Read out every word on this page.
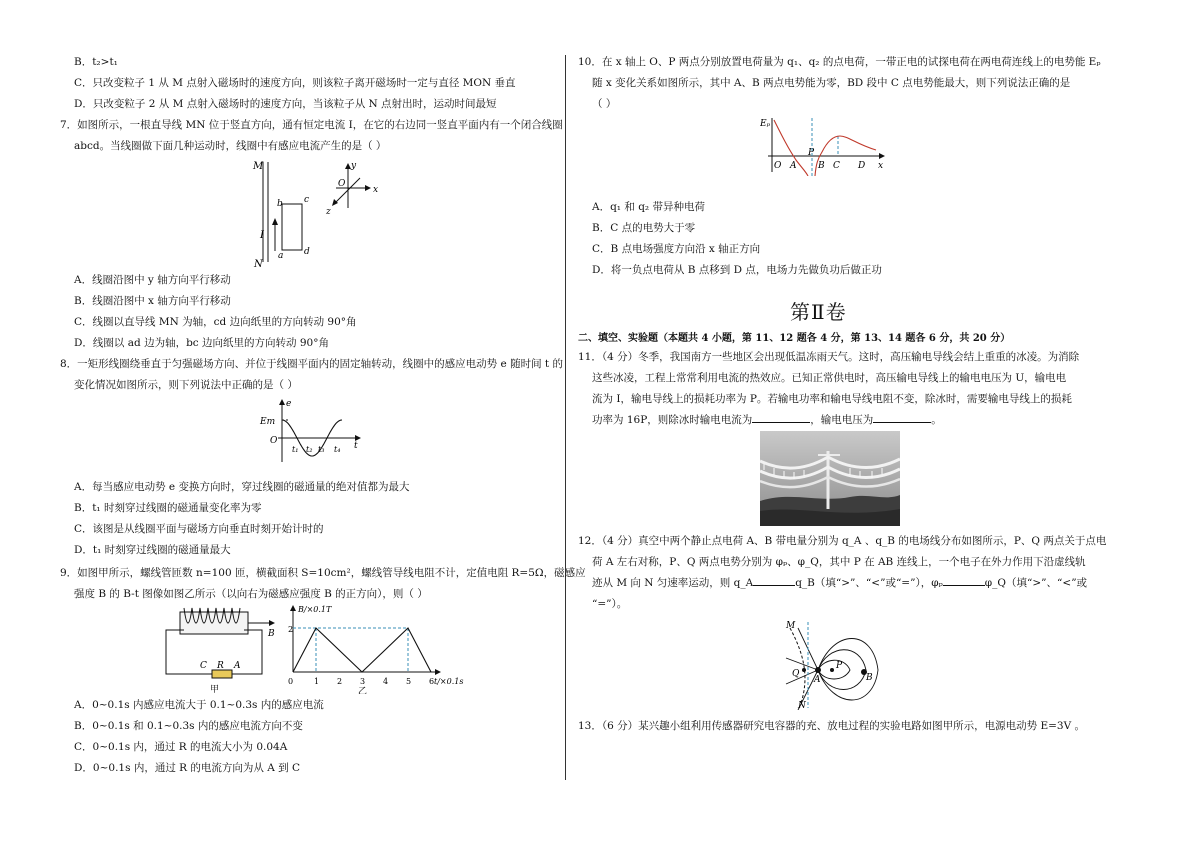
B．t₂>t₁
C．只改变粒子 1 从 M 点射入磁场时的速度方向，则该粒子离开磁场时一定与直径 MON 垂直
D．只改变粒子 2 从 M 点射入磁场时的速度方向，当该粒子从 N 点射出时，运动时间最短
7．如图所示，一根直导线 MN 位于竖直方向，通有恒定电流 I，在它的右边同一竖直平面内有一个闭合线圈
abcd。当线圈做下面几种运动时，线圈中有感应电流产生的是（ ）
M
N
I
b c
a d
x
y
z
O
A．线圈沿图中 y 轴方向平行移动
B．线圈沿图中 x 轴方向平行移动
C．线圈以直导线 MN 为轴，cd 边向纸里的方向转动 90°角
D．线圈以 ad 边为轴，bc 边向纸里的方向转动 90°角
8．一矩形线圈绕垂直于匀强磁场方向、并位于线圈平面内的固定轴转动，线圈中的感应电动势 e 随时间 t 的
变化情况如图所示，则下列说法中正确的是（ ）
e
Em
O	t
t₁ t₂ t₃ t₄
A．每当感应电动势 e 变换方向时，穿过线圈的磁通量的绝对值都为最大
B．t₁ 时刻穿过线圈的磁通量变化率为零
C．该图是从线圈平面与磁场方向垂直时刻开始计时的
D．t₁ 时刻穿过线圈的磁通量最大
9．如图甲所示，螺线管匝数 n=100 匝，横截面积 S=10cm²，螺线管导线电阻不计，定值电阻 R=5Ω，磁感应
强度 B 的 B-t 图像如图乙所示（以向右为磁感应强度 B 的正方向），则（ ）
B
C R A
甲
B/×0.1T
t/×0.1s
2
0	1 2 3 4 5 6
乙
A．0~0.1s 内感应电流大于 0.1~0.3s 内的感应电流
B．0~0.1s 和 0.1~0.3s 内的感应电流方向不变
C．0~0.1s 内，通过 R 的电流大小为 0.04A
D．0~0.1s 内，通过 R 的电流方向为从 A 到 C
10．在 x 轴上 O、P 两点分别放置电荷量为 q₁、q₂ 的点电荷，一带正电的试探电荷在两电荷连线上的电势能 Eₚ
随 x 变化关系如图所示，其中 A、B 两点电势能为零，BD 段中 C 点电势能最大，则下列说法正确的是
（ ）
Eₚ
O A
P
B C D x
A．q₁ 和 q₂ 带异种电荷
B．C 点的电势大于零
C．B 点电场强度方向沿 x 轴正方向
D．将一负点电荷从 B 点移到 D 点，电场力先做负功后做正功
第Ⅱ卷
二、填空、实验题（本题共 4 小题，第 11、12 题各 4 分，第 13、14 题各 6 分，共 20 分）
11．（4 分）冬季，我国南方一些地区会出现低温冻雨天气。这时，高压输电导线会结上重重的冰凌。为消除
这些冰凌，工程上常常利用电流的热效应。已知正常供电时，高压输电导线上的输电电压为 U，输电电
流为 I，输电导线上的损耗功率为 P。若输电功率和输电导线电阻不变，除冰时，需要输电导线上的损耗
功率为 16P，则除冰时输电电流为	，输电电压为	。
12．（4 分）真空中两个静止点电荷 A、B 带电量分别为 q_A 、q_B 的电场线分布如图所示，P、Q 两点关于点电
荷 A 左右对称，P、Q 两点电势分别为 φₚ、φ_Q，其中 P 在 AB 连线上，一个电子在外力作用下沿虚线轨
迹从 M 向 N 匀速率运动，则 q_A	q_B（填“>”、“<”或“=”），φₚ	φ_Q（填“>”、“<”或
“=”）。
M
N
Q
A
P
B
13．（6 分）某兴趣小组利用传感器研究电容器的充、放电过程的实验电路如图甲所示，电源电动势 E=3V 。
